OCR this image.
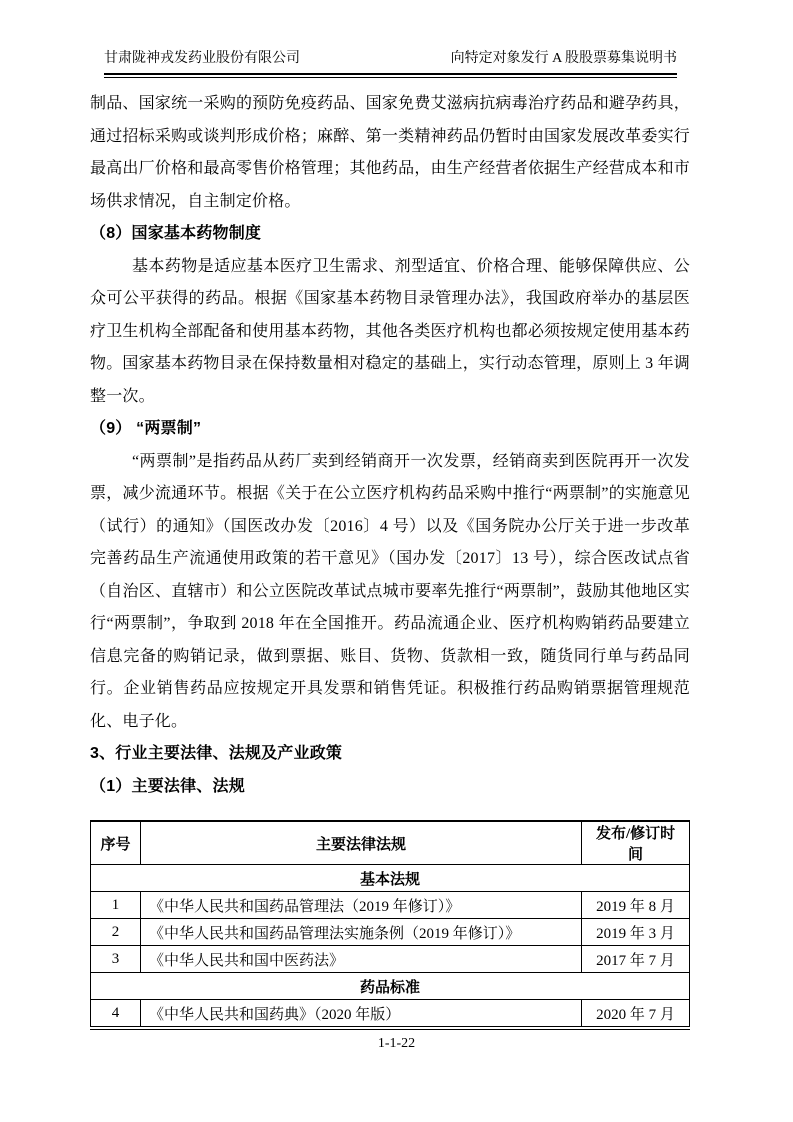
甘肃陇神戎发药业股份有限公司	向特定对象发行 A 股股票募集说明书

制品、国家统一采购的预防免疫药品、国家免费艾滋病抗病毒治疗药品和避孕药具，通过招标采购或谈判形成价格；麻醉、第一类精神药品仍暂时由国家发展改革委实行最高出厂价格和最高零售价格管理；其他药品，由生产经营者依据生产经营成本和市场供求情况，自主制定价格。

（8）国家基本药物制度

基本药物是适应基本医疗卫生需求、剂型适宜、价格合理、能够保障供应、公众可公平获得的药品。根据《国家基本药物目录管理办法》，我国政府举办的基层医疗卫生机构全部配备和使用基本药物，其他各类医疗机构也都必须按规定使用基本药物。国家基本药物目录在保持数量相对稳定的基础上，实行动态管理，原则上 3 年调整一次。

（9） “两票制”

“两票制”是指药品从药厂卖到经销商开一次发票，经销商卖到医院再开一次发票，减少流通环节。根据《关于在公立医疗机构药品采购中推行“两票制”的实施意见（试行）的通知》（国医改办发〔2016〕4 号）以及《国务院办公厅关于进一步改革完善药品生产流通使用政策的若干意见》（国办发〔2017〕13 号），综合医改试点省（自治区、直辖市）和公立医院改革试点城市要率先推行“两票制”，鼓励其他地区实行“两票制”，争取到 2018 年在全国推开。药品流通企业、医疗机构购销药品要建立信息完备的购销记录，做到票据、账目、货物、货款相一致，随货同行单与药品同行。企业销售药品应按规定开具发票和销售凭证。积极推行药品购销票据管理规范化、电子化。

3、行业主要法律、法规及产业政策

（1）主要法律、法规

序号	主要法律法规	发布/修订时间
基本法规		
1	《中华人民共和国药品管理法（2019 年修订）》	2019 年 8 月
2	《中华人民共和国药品管理法实施条例（2019 年修订）》	2019 年 3 月
3	《中华人民共和国中医药法》	2017 年 7 月
药品标准		
4	《中华人民共和国药典》（2020 年版）	2020 年 7 月
1-1-22
